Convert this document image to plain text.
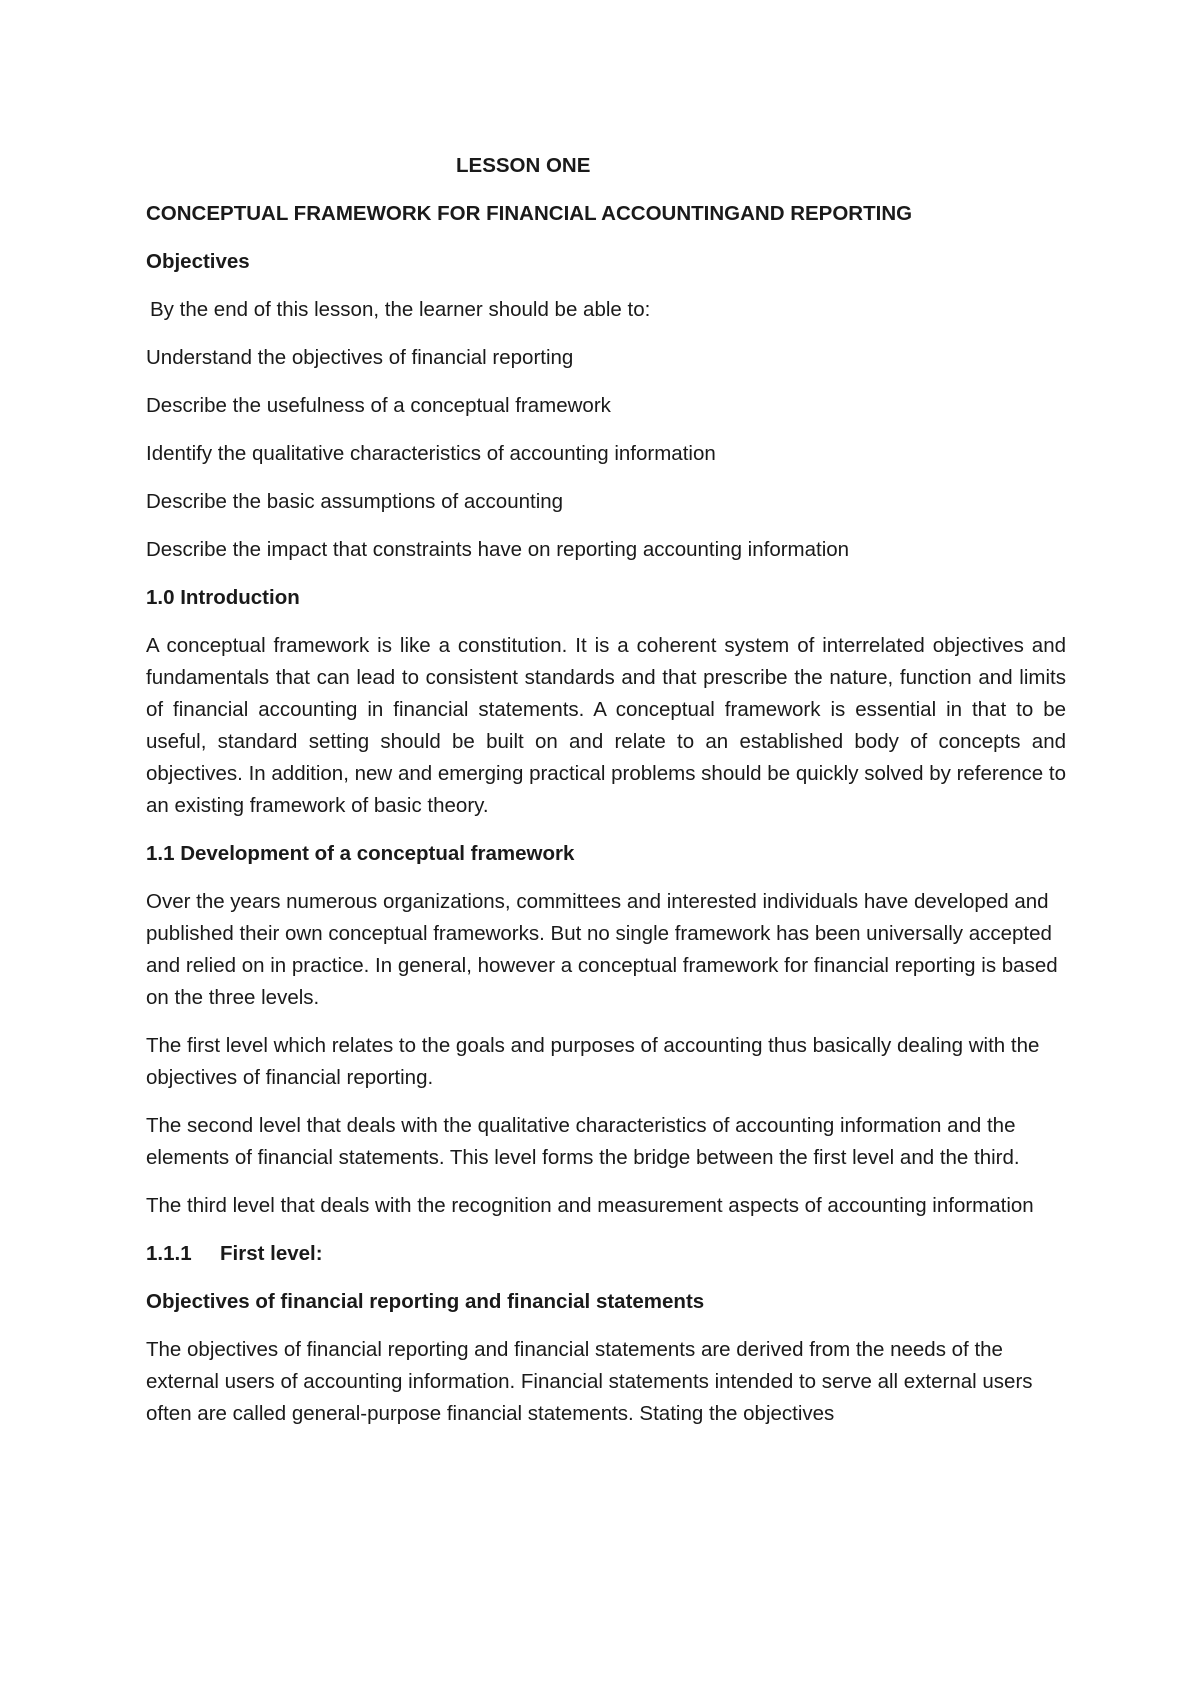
LESSON ONE

CONCEPTUAL FRAMEWORK FOR FINANCIAL ACCOUNTINGAND REPORTING

Objectives

By the end of this lesson, the learner should be able to:

Understand the objectives of financial reporting

Describe the usefulness of a conceptual framework

Identify the qualitative characteristics of accounting information

Describe the basic assumptions of accounting

Describe the impact that constraints have on reporting accounting information

1.0 Introduction

A conceptual framework is like a constitution. It is a coherent system of interrelated objectives and fundamentals that can lead to consistent standards and that prescribe the nature, function and limits of financial accounting in financial statements. A conceptual framework is essential in that to be useful, standard setting should be built on and relate to an established body of concepts and objectives. In addition, new and emerging practical problems should be quickly solved by reference to an existing framework of basic theory.

1.1 Development of a conceptual framework

Over the years numerous organizations, committees and interested individuals have developed and published their own conceptual frameworks. But no single framework has been universally accepted and relied on in practice. In general, however a conceptual framework for financial reporting is based on the three levels.

The first level which relates to the goals and purposes of accounting thus basically dealing with the objectives of financial reporting.

The second level that deals with the qualitative characteristics of accounting information and the elements of financial statements. This level forms the bridge between the first level and the third.

The third level that deals with the recognition and measurement aspects of accounting information

1.1.1 First level:

Objectives of financial reporting and financial statements

The objectives of financial reporting and financial statements are derived from the needs of the external users of accounting information. Financial statements intended to serve all external users often are called general-purpose financial statements. Stating the objectives
